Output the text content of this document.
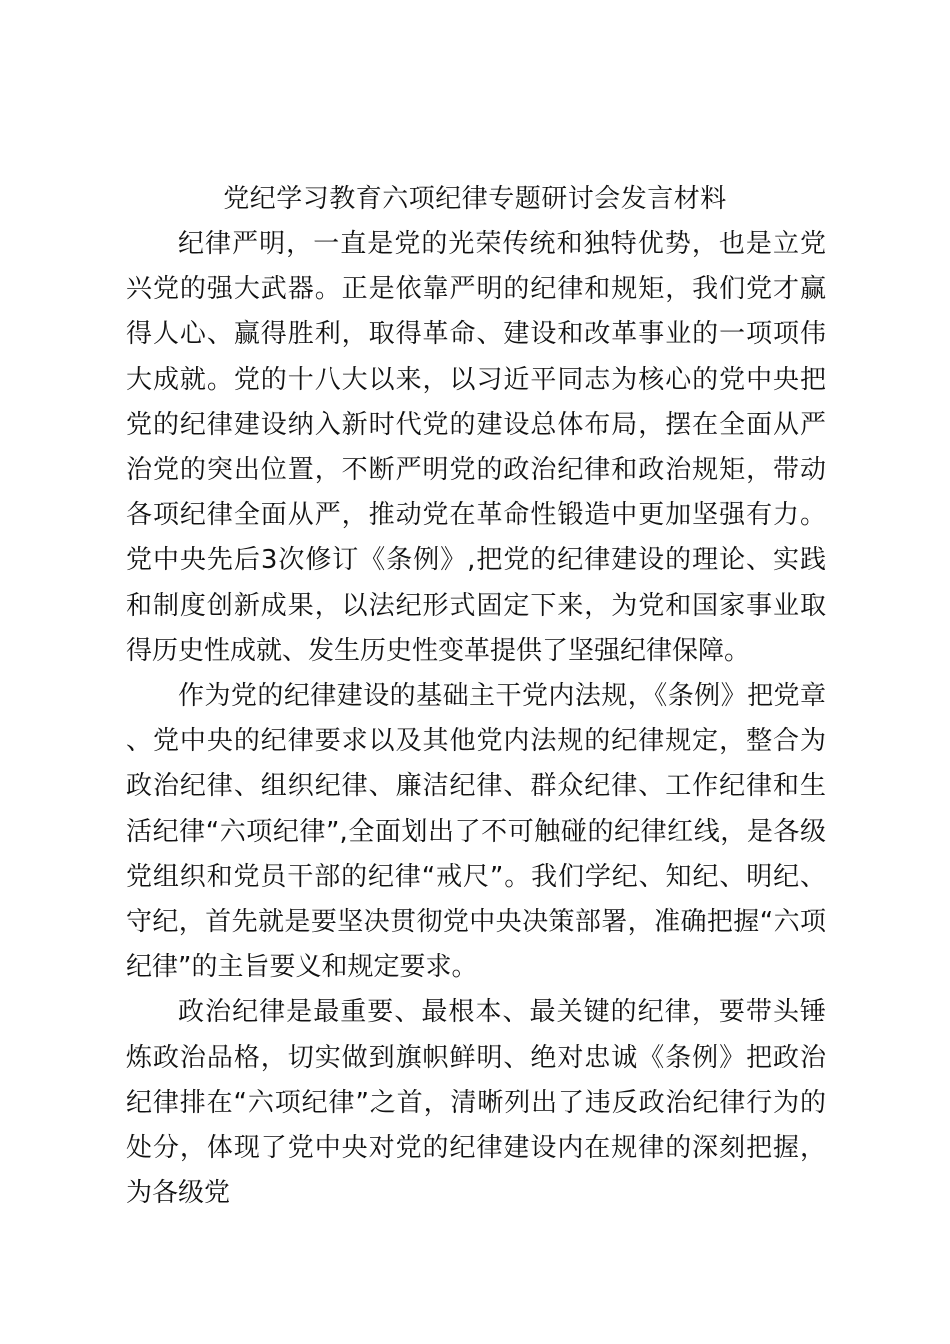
党纪学习教育六项纪律专题研讨会发言材料

纪律严明，一直是党的光荣传统和独特优势，也是立党兴党的强大武器。正是依靠严明的纪律和规矩，我们党才赢得人心、赢得胜利，取得革命、建设和改革事业的一项项伟大成就。党的十八大以来，以习近平同志为核心的党中央把党的纪律建设纳入新时代党的建设总体布局，摆在全面从严治党的突出位置，不断严明党的政治纪律和政治规矩，带动各项纪律全面从严，推动党在革命性锻造中更加坚强有力。党中央先后3次修订《条例》,把党的纪律建设的理论、实践和制度创新成果，以法纪形式固定下来，为党和国家事业取得历史性成就、发生历史性变革提供了坚强纪律保障。

作为党的纪律建设的基础主干党内法规，《条例》把党章、党中央的纪律要求以及其他党内法规的纪律规定，整合为政治纪律、组织纪律、廉洁纪律、群众纪律、工作纪律和生活纪律“六项纪律”,全面划出了不可触碰的纪律红线，是各级党组织和党员干部的纪律“戒尺”。我们学纪、知纪、明纪、守纪，首先就是要坚决贯彻党中央决策部署，准确把握“六项纪律”的主旨要义和规定要求。

政治纪律是最重要、最根本、最关键的纪律，要带头锤炼政治品格，切实做到旗帜鲜明、绝对忠诚《条例》把政治纪律排在“六项纪律”之首，清晰列出了违反政治纪律行为的处分，体现了党中央对党的纪律建设内在规律的深刻把握，为各级党
